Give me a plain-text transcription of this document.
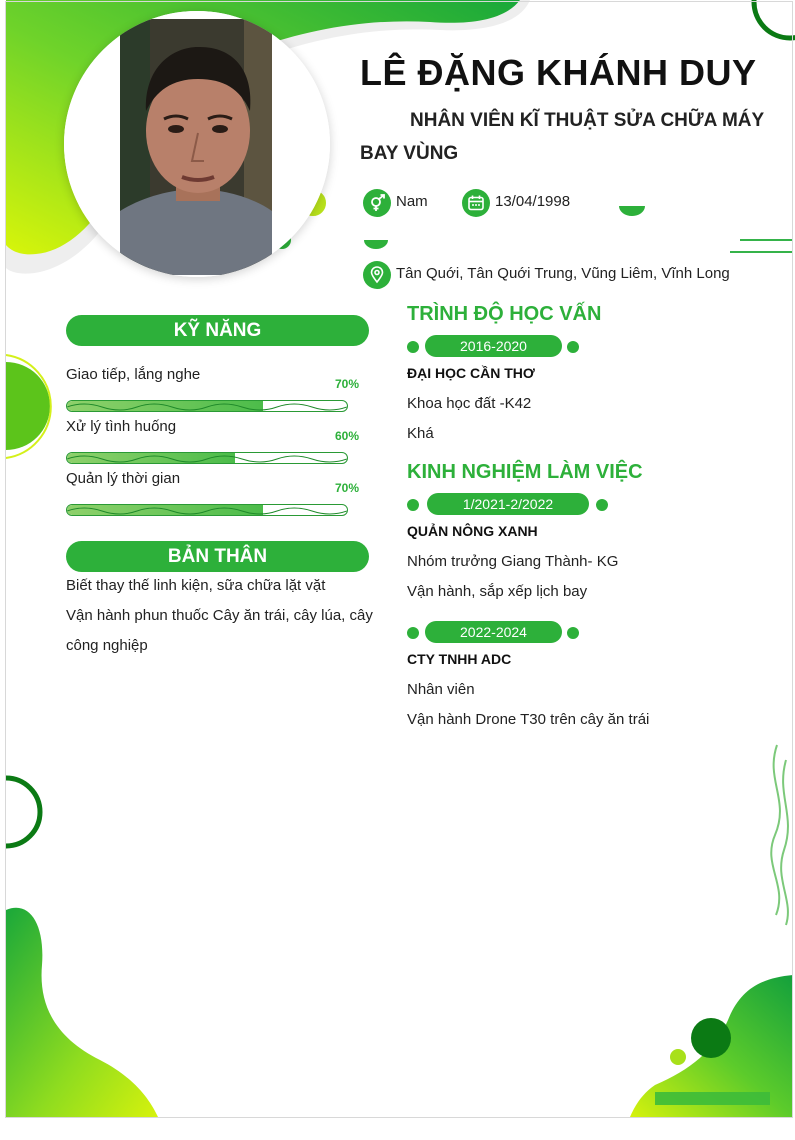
LÊ ĐẶNG KHÁNH DUY
NHÂN VIÊN KĨ THUẬT SỬA CHỮA MÁY BAY VÙNG
Nam	13/04/1998
Tân Quới, Tân Quới Trung, Vũng Liêm, Vĩnh Long
KỸ NĂNG
Giao tiếp, lắng nghe
70%
Xử lý tình huống
60%
Quản lý thời gian
70%
BẢN THÂN
Biết thay thế linh kiện, sữa chữa lặt vặt
Vận hành phun thuốc Cây ăn trái, cây lúa, cây
công nghiệp
TRÌNH ĐỘ HỌC VẤN
2016-2020
ĐẠI HỌC CẦN THƠ
Khoa học đất -K42
Khá
KINH NGHIỆM LÀM VIỆC
1/2021-2/2022
QUẢN NÔNG XANH
Nhóm trưởng Giang Thành- KG
Vận hành, sắp xếp lịch bay
2022-2024
CTY TNHH ADC
Nhân viên
Vận hành Drone T30 trên cây ăn trái
